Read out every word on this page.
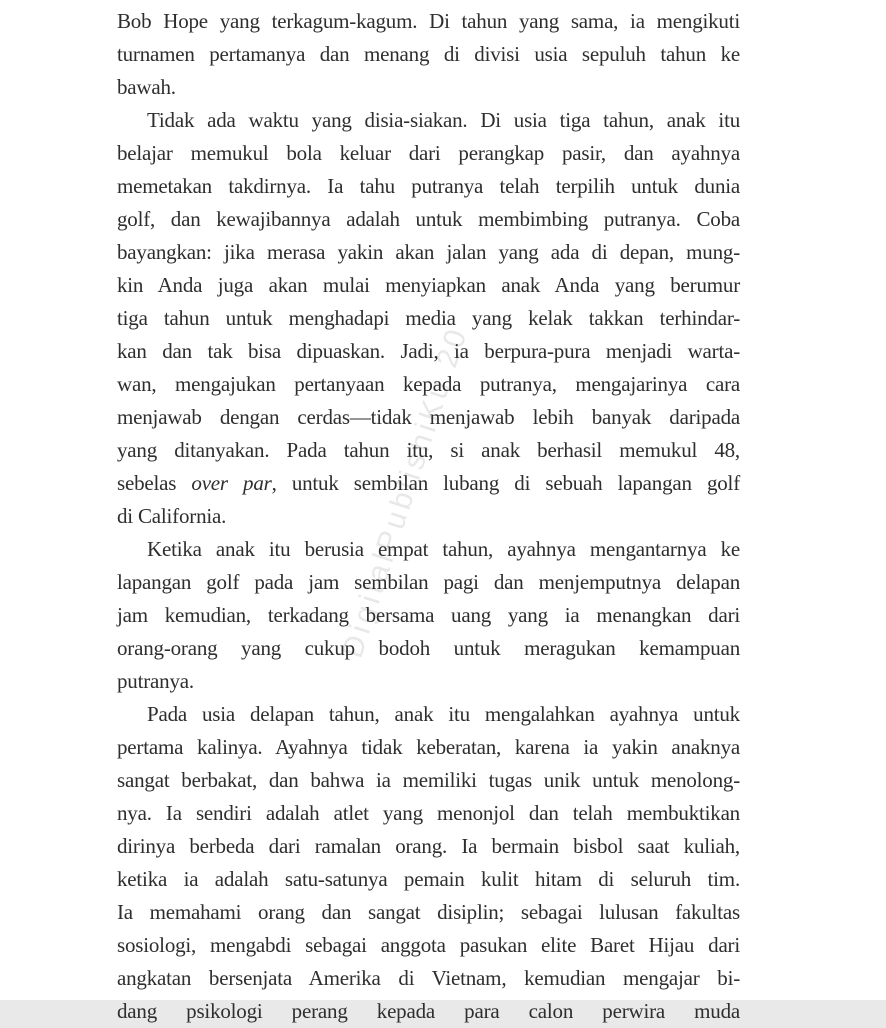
DigitalPublishiKu 20
Bob Hope yang terkagum-kagum. Di tahun yang sama, ia mengikuti
turnamen pertamanya dan menang di divisi usia sepuluh tahun ke
bawah.
Tidak ada waktu yang disia-siakan. Di usia tiga tahun, anak itu
belajar memukul bola keluar dari perangkap pasir, dan ayahnya
memetakan takdirnya. Ia tahu putranya telah terpilih untuk dunia
golf, dan kewajibannya adalah untuk membimbing putranya. Coba
bayangkan: jika merasa yakin akan jalan yang ada di depan, mung-
kin Anda juga akan mulai menyiapkan anak Anda yang berumur
tiga tahun untuk menghadapi media yang kelak takkan terhindar-
kan dan tak bisa dipuaskan. Jadi, ia berpura-pura menjadi warta-
wan, mengajukan pertanyaan kepada putranya, mengajarinya cara
menjawab dengan cerdas—tidak menjawab lebih banyak daripada
yang ditanyakan. Pada tahun itu, si anak berhasil memukul 48,
sebelas over par, untuk sembilan lubang di sebuah lapangan golf
di California.
Ketika anak itu berusia empat tahun, ayahnya mengantarnya ke
lapangan golf pada jam sembilan pagi dan menjemputnya delapan
jam kemudian, terkadang bersama uang yang ia menangkan dari
orang-orang yang cukup bodoh untuk meragukan kemampuan
putranya.
Pada usia delapan tahun, anak itu mengalahkan ayahnya untuk
pertama kalinya. Ayahnya tidak keberatan, karena ia yakin anaknya
sangat berbakat, dan bahwa ia memiliki tugas unik untuk menolong-
nya. Ia sendiri adalah atlet yang menonjol dan telah membuktikan
dirinya berbeda dari ramalan orang. Ia bermain bisbol saat kuliah,
ketika ia adalah satu-satunya pemain kulit hitam di seluruh tim.
Ia memahami orang dan sangat disiplin; sebagai lulusan fakultas
sosiologi, mengabdi sebagai anggota pasukan elite Baret Hijau dari
angkatan bersenjata Amerika di Vietnam, kemudian mengajar bi-
dang psikologi perang kepada para calon perwira muda
